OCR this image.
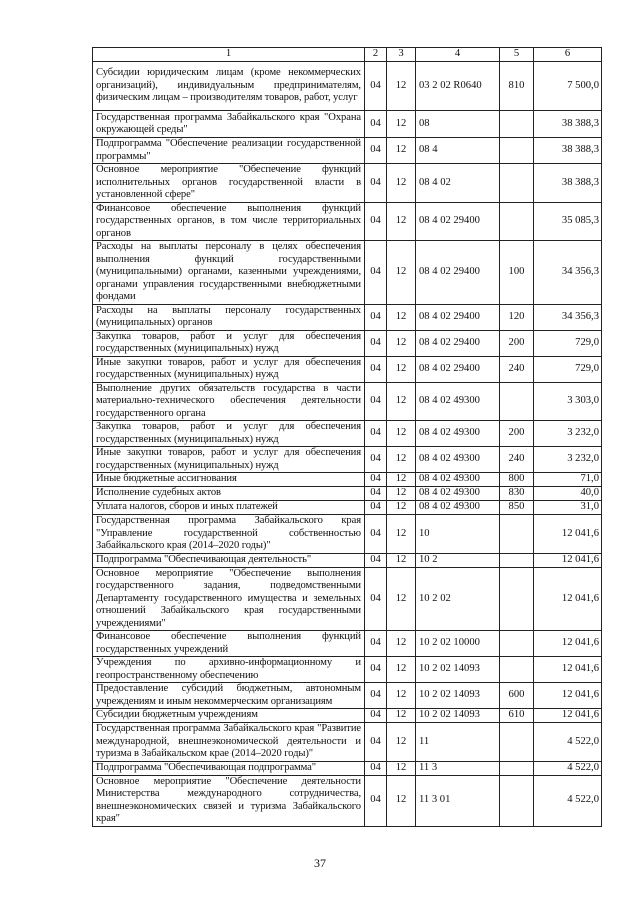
1	2	3	4	5	6
Субсидии юридическим лицам (кроме некоммерческих организаций), индивидуальным предпринимателям, физическим лицам – производителям товаров, работ, услуг	04	12	03 2 02 R0640	810	7 500,0
Государственная программа Забайкальского края "Охрана окружающей среды"	04	12	08		38 388,3
Подпрограмма "Обеспечение реализации государственной программы"	04	12	08 4		38 388,3
Основное мероприятие "Обеспечение функций исполнительных органов государственной власти в установленной сфере"	04	12	08 4 02		38 388,3
Финансовое обеспечение выполнения функций государственных органов, в том числе территориальных органов	04	12	08 4 02 29400		35 085,3
Расходы на выплаты персоналу в целях обеспечения выполнения функций государственными (муниципальными) органами, казенными учреждениями, органами управления государственными внебюджетными фондами	04	12	08 4 02 29400	100	34 356,3
Расходы на выплаты персоналу государственных (муниципальных) органов	04	12	08 4 02 29400	120	34 356,3
Закупка товаров, работ и услуг для обеспечения государственных (муниципальных) нужд	04	12	08 4 02 29400	200	729,0
Иные закупки товаров, работ и услуг для обеспечения государственных (муниципальных) нужд	04	12	08 4 02 29400	240	729,0
Выполнение других обязательств государства в части материально-технического обеспечения деятельности государственного органа	04	12	08 4 02 49300		3 303,0
Закупка товаров, работ и услуг для обеспечения государственных (муниципальных) нужд	04	12	08 4 02 49300	200	3 232,0
Иные закупки товаров, работ и услуг для обеспечения государственных (муниципальных) нужд	04	12	08 4 02 49300	240	3 232,0
Иные бюджетные ассигнования	04	12	08 4 02 49300	800	71,0
Исполнение судебных актов	04	12	08 4 02 49300	830	40,0
Уплата налогов, сборов и иных платежей	04	12	08 4 02 49300	850	31,0
Государственная программа Забайкальского края "Управление государственной собственностью Забайкальского края (2014–2020 годы)"	04	12	10		12 041,6
Подпрограмма "Обеспечивающая деятельность"	04	12	10 2		12 041,6
Основное мероприятие "Обеспечение выполнения государственного задания, подведомственными Департаменту государственного имущества и земельных отношений Забайкальского края государственными учреждениями"	04	12	10 2 02		12 041,6
Финансовое обеспечение выполнения функций государственных учреждений	04	12	10 2 02 10000		12 041,6
Учреждения по архивно-информационному и геопространственному обеспечению	04	12	10 2 02 14093		12 041,6
Предоставление субсидий бюджетным, автономным учреждениям и иным некоммерческим организациям	04	12	10 2 02 14093	600	12 041,6
Субсидии бюджетным учреждениям	04	12	10 2 02 14093	610	12 041,6
Государственная программа Забайкальского края "Развитие международной, внешнеэкономической деятельности и туризма в Забайкальском крае (2014–2020 годы)"	04	12	11		4 522,0
Подпрограмма "Обеспечивающая подпрограмма"	04	12	11 3		4 522,0
Основное мероприятие "Обеспечение деятельности Министерства международного сотрудничества, внешнеэкономических связей и туризма Забайкальского края"	04	12	11 3 01		4 522,0
37
